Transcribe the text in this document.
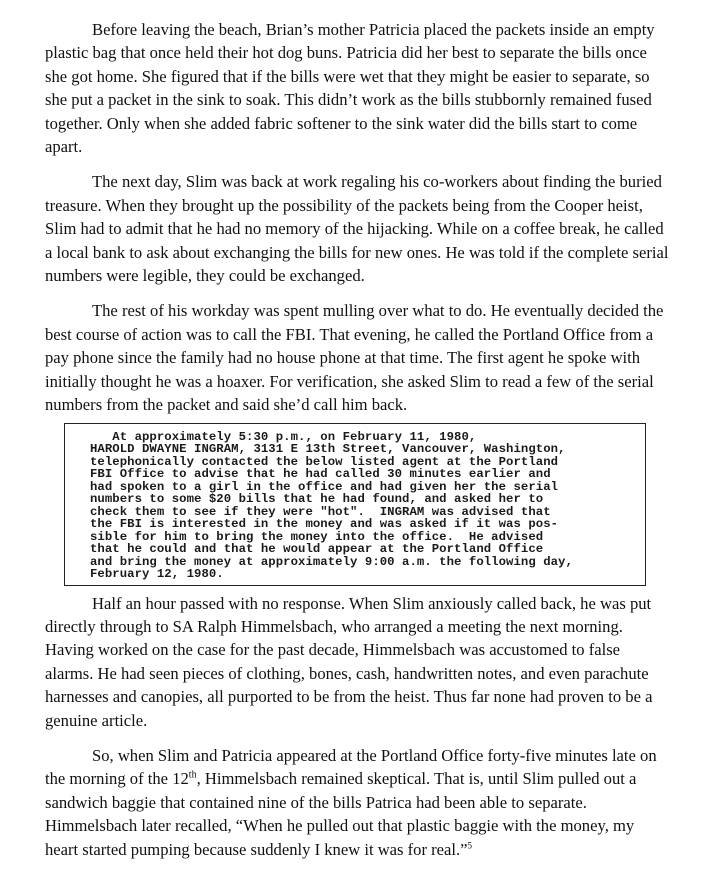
Before leaving the beach, Brian’s mother Patricia placed the packets inside an empty plastic bag that once held their hot dog buns. Patricia did her best to separate the bills once she got home. She figured that if the bills were wet that they might be easier to separate, so she put a packet in the sink to soak. This didn’t work as the bills stubbornly remained fused together. Only when she added fabric softener to the sink water did the bills start to come apart.

The next day, Slim was back at work regaling his co-workers about finding the buried treasure. When they brought up the possibility of the packets being from the Cooper heist, Slim had to admit that he had no memory of the hijacking. While on a coffee break, he called a local bank to ask about exchanging the bills for new ones. He was told if the complete serial numbers were legible, they could be exchanged.

The rest of his workday was spent mulling over what to do. He eventually decided the best course of action was to call the FBI. That evening, he called the Portland Office from a pay phone since the family had no house phone at that time. The first agent he spoke with initially thought he was a hoaxer. For verification, she asked Slim to read a few of the serial numbers from the packet and said she’d call him back.

At approximately 5:30 p.m., on February 11, 1980,
HAROLD DWAYNE INGRAM, 3131 E 13th Street, Vancouver, Washington,
telephonically contacted the below listed agent at the Portland
FBI Office to advise that he had called 30 minutes earlier and
had spoken to a girl in the office and had given her the serial
numbers to some $20 bills that he had found, and asked her to
check them to see if they were "hot".  INGRAM was advised that
the FBI is interested in the money and was asked if it was pos-
sible for him to bring the money into the office.  He advised
that he could and that he would appear at the Portland Office
and bring the money at approximately 9:00 a.m. the following day,
February 12, 1980.

Half an hour passed with no response. When Slim anxiously called back, he was put directly through to SA Ralph Himmelsbach, who arranged a meeting the next morning. Having worked on the case for the past decade, Himmelsbach was accustomed to false alarms. He had seen pieces of clothing, bones, cash, handwritten notes, and even parachute harnesses and canopies, all purported to be from the heist. Thus far none had proven to be a genuine article.

So, when Slim and Patricia appeared at the Portland Office forty-five minutes late on the morning of the 12th, Himmelsbach remained skeptical. That is, until Slim pulled out a sandwich baggie that contained nine of the bills Patrica had been able to separate. Himmelsbach later recalled, “When he pulled out that plastic baggie with the money, my heart started pumping because suddenly I knew it was for real.”$^5$
